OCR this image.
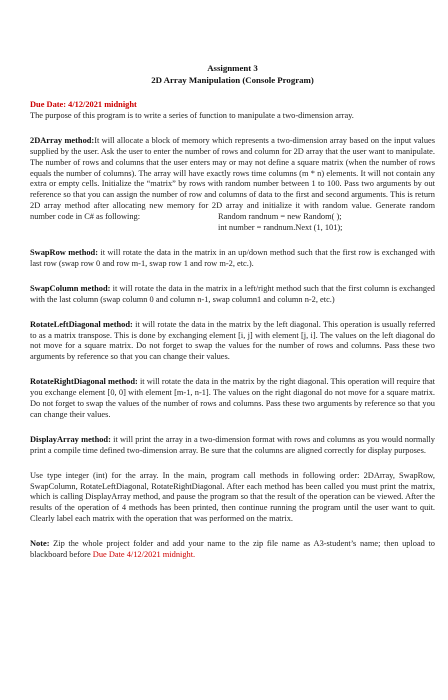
Assignment 3
2D Array Manipulation (Console Program)
Due Date: 4/12/2021 midnight
The purpose of this program is to write a series of function to manipulate a two-dimension array.
2DArray method:It will allocate a block of memory which represents a two-dimension array based on the input values supplied by the user. Ask the user to enter the number of rows and column for 2D array that the user want to manipulate. The number of rows and columns that the user enters may or may not define a square matrix (when the number of rows equals the number of columns). The array will have exactly rows time columns (m * n) elements. It will not contain any extra or empty cells. Initialize the “matrix” by rows with random number between 1 to 100. Pass two arguments by out reference so that you can assign the number of row and columns of data to the first and second arguments. This is return 2D array method after allocating new memory for 2D array and initialize it with random value. Generate random number code in C# as following:	Random randnum = new Random( );
int number = randnum.Next (1, 101);
SwapRow method: it will rotate the data in the matrix in an up/down method such that the first row is exchanged with last row (swap row 0 and row m-1, swap row 1 and row m-2, etc.).
SwapColumn method: it will rotate the data in the matrix in a left/right method such that the first column is exchanged with the last column (swap column 0 and column n-1, swap column1 and column n-2, etc.)
RotateLeftDiagonal method: it will rotate the data in the matrix by the left diagonal. This operation is usually referred to as a matrix transpose. This is done by exchanging element [i, j] with element [j, i]. The values on the left diagonal do not move for a square matrix. Do not forget to swap the values for the number of rows and columns. Pass these two arguments by reference so that you can change their values.
RotateRightDiagonal method: it will rotate the data in the matrix by the right diagonal. This operation will require that you exchange element [0, 0] with element [m-1, n-1]. The values on the right diagonal do not move for a square matrix. Do not forget to swap the values of the number of rows and columns. Pass these two arguments by reference so that you can change their values.
DisplayArray method: it will print the array in a two-dimension format with rows and columns as you would normally print a compile time defined two-dimension array. Be sure that the columns are aligned correctly for display purposes.
Use type integer (int) for the array. In the main, program call methods in following order: 2DArray, SwapRow, SwapColumn, RotateLeftDiagonal, RotateRightDiagonal. After each method has been called you must print the matrix, which is calling DisplayArray method, and pause the program so that the result of the operation can be viewed. After the results of the operation of 4 methods has been printed, then continue running the program until the user want to quit. Clearly label each matrix with the operation that was performed on the matrix.
Note: Zip the whole project folder and add your name to the zip file name as A3-student’s name; then upload to blackboard before Due Date 4/12/2021 midnight.
